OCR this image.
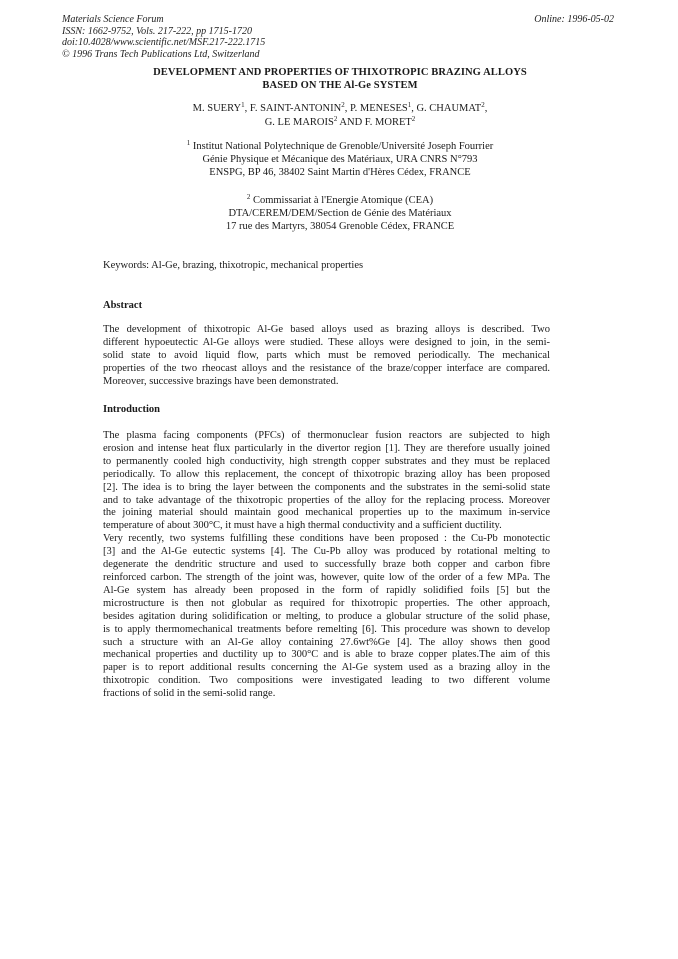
Materials Science Forum
ISSN: 1662-9752, Vols. 217-222, pp 1715-1720
doi:10.4028/www.scientific.net/MSF.217-222.1715
© 1996 Trans Tech Publications Ltd, Switzerland
Online: 1996-05-02
DEVELOPMENT AND PROPERTIES OF THIXOTROPIC BRAZING ALLOYS
BASED ON THE Al-Ge SYSTEM
M. SUERY$^1$, F. SAINT-ANTONIN$^2$, P. MENESES$^1$, G. CHAUMAT$^2$,
G. LE MAROIS$^2$ AND F. MORET$^2$
$^1$ Institut National Polytechnique de Grenoble/Université Joseph Fourrier
Génie Physique et Mécanique des Matériaux, URA CNRS N°793
ENSPG, BP 46, 38402 Saint Martin d'Hères Cédex, FRANCE
$^2$ Commissariat à l'Energie Atomique (CEA)
DTA/CEREM/DEM/Section de Génie des Matériaux
17 rue des Martyrs, 38054 Grenoble Cédex, FRANCE
Keywords: Al-Ge, brazing, thixotropic, mechanical properties
Abstract
The development of thixotropic Al-Ge based alloys used as brazing alloys is described. Two
different hypoeutectic Al-Ge alloys were studied. These alloys were designed to join, in the semi-
solid state to avoid liquid flow, parts which must be removed periodically. The mechanical
properties of the two rheocast alloys and the resistance of the braze/copper interface are compared.
Moreover, successive brazings have been demonstrated.
Introduction
The plasma facing components (PFCs) of thermonuclear fusion reactors are subjected to high
erosion and intense heat flux particularly in the divertor region [1]. They are therefore usually joined
to permanently cooled high conductivity, high strength copper substrates and they must be replaced
periodically. To allow this replacement, the concept of thixotropic brazing alloy has been proposed
[2]. The idea is to bring the layer between the components and the substrates in the semi-solid state
and to take advantage of the thixotropic properties of the alloy for the replacing process. Moreover
the joining material should maintain good mechanical properties up to the maximum in-service
temperature of about 300°C, it must have a high thermal conductivity and a sufficient ductility.
Very recently, two systems fulfilling these conditions have been proposed : the Cu-Pb monotectic
[3] and the Al-Ge eutectic systems [4]. The Cu-Pb alloy was produced by rotational melting to
degenerate the dendritic structure and used to successfully braze both copper and carbon fibre
reinforced carbon. The strength of the joint was, however, quite low of the order of a few MPa. The
Al-Ge system has already been proposed in the form of rapidly solidified foils [5] but the
microstructure is then not globular as required for thixotropic properties. The other approach,
besides agitation during solidification or melting, to produce a globular structure of the solid phase,
is to apply thermomechanical treatments before remelting [6]. This procedure was shown to develop
such a structure with an Al-Ge alloy containing 27.6wt%Ge [4]. The alloy shows then good
mechanical properties and ductility up to 300°C and is able to braze copper plates.The aim of this
paper is to report additional results concerning the Al-Ge system used as a brazing alloy in the
thixotropic condition. Two compositions were investigated leading to two different volume
fractions of solid in the semi-solid range.
